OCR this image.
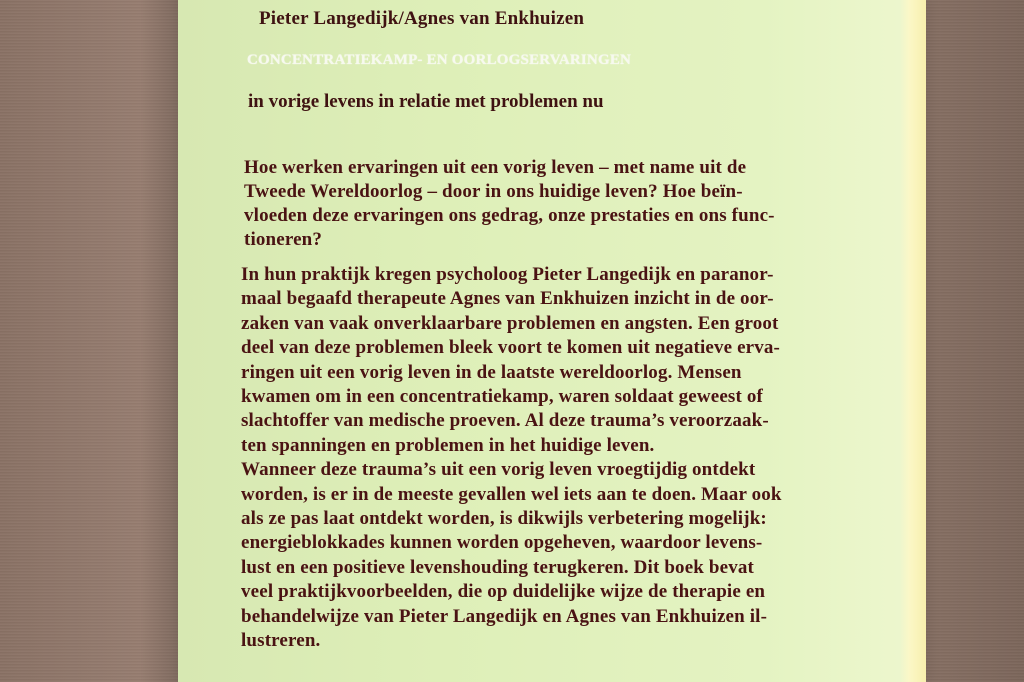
Pieter Langedijk/Agnes van Enkhuizen
CONCENTRATIEKAMP- EN OORLOGSERVARINGEN
in vorige levens in relatie met problemen nu
Hoe werken ervaringen uit een vorig leven – met name uit de
Tweede Wereldoorlog – door in ons huidige leven? Hoe beïn-
vloeden deze ervaringen ons gedrag, onze prestaties en ons func-
tioneren?
In hun praktijk kregen psycholoog Pieter Langedijk en paranor-
maal begaafd therapeute Agnes van Enkhuizen inzicht in de oor-
zaken van vaak onverklaarbare problemen en angsten. Een groot
deel van deze problemen bleek voort te komen uit negatieve erva-
ringen uit een vorig leven in de laatste wereldoorlog. Mensen
kwamen om in een concentratiekamp, waren soldaat geweest of
slachtoffer van medische proeven. Al deze trauma’s veroorzaak-
ten spanningen en problemen in het huidige leven.
Wanneer deze trauma’s uit een vorig leven vroegtijdig ontdekt
worden, is er in de meeste gevallen wel iets aan te doen. Maar ook
als ze pas laat ontdekt worden, is dikwijls verbetering mogelijk:
energieblokkades kunnen worden opgeheven, waardoor levens-
lust en een positieve levenshouding terugkeren. Dit boek bevat
veel praktijkvoorbeelden, die op duidelijke wijze de therapie en
behandelwijze van Pieter Langedijk en Agnes van Enkhuizen il-
lustreren.
